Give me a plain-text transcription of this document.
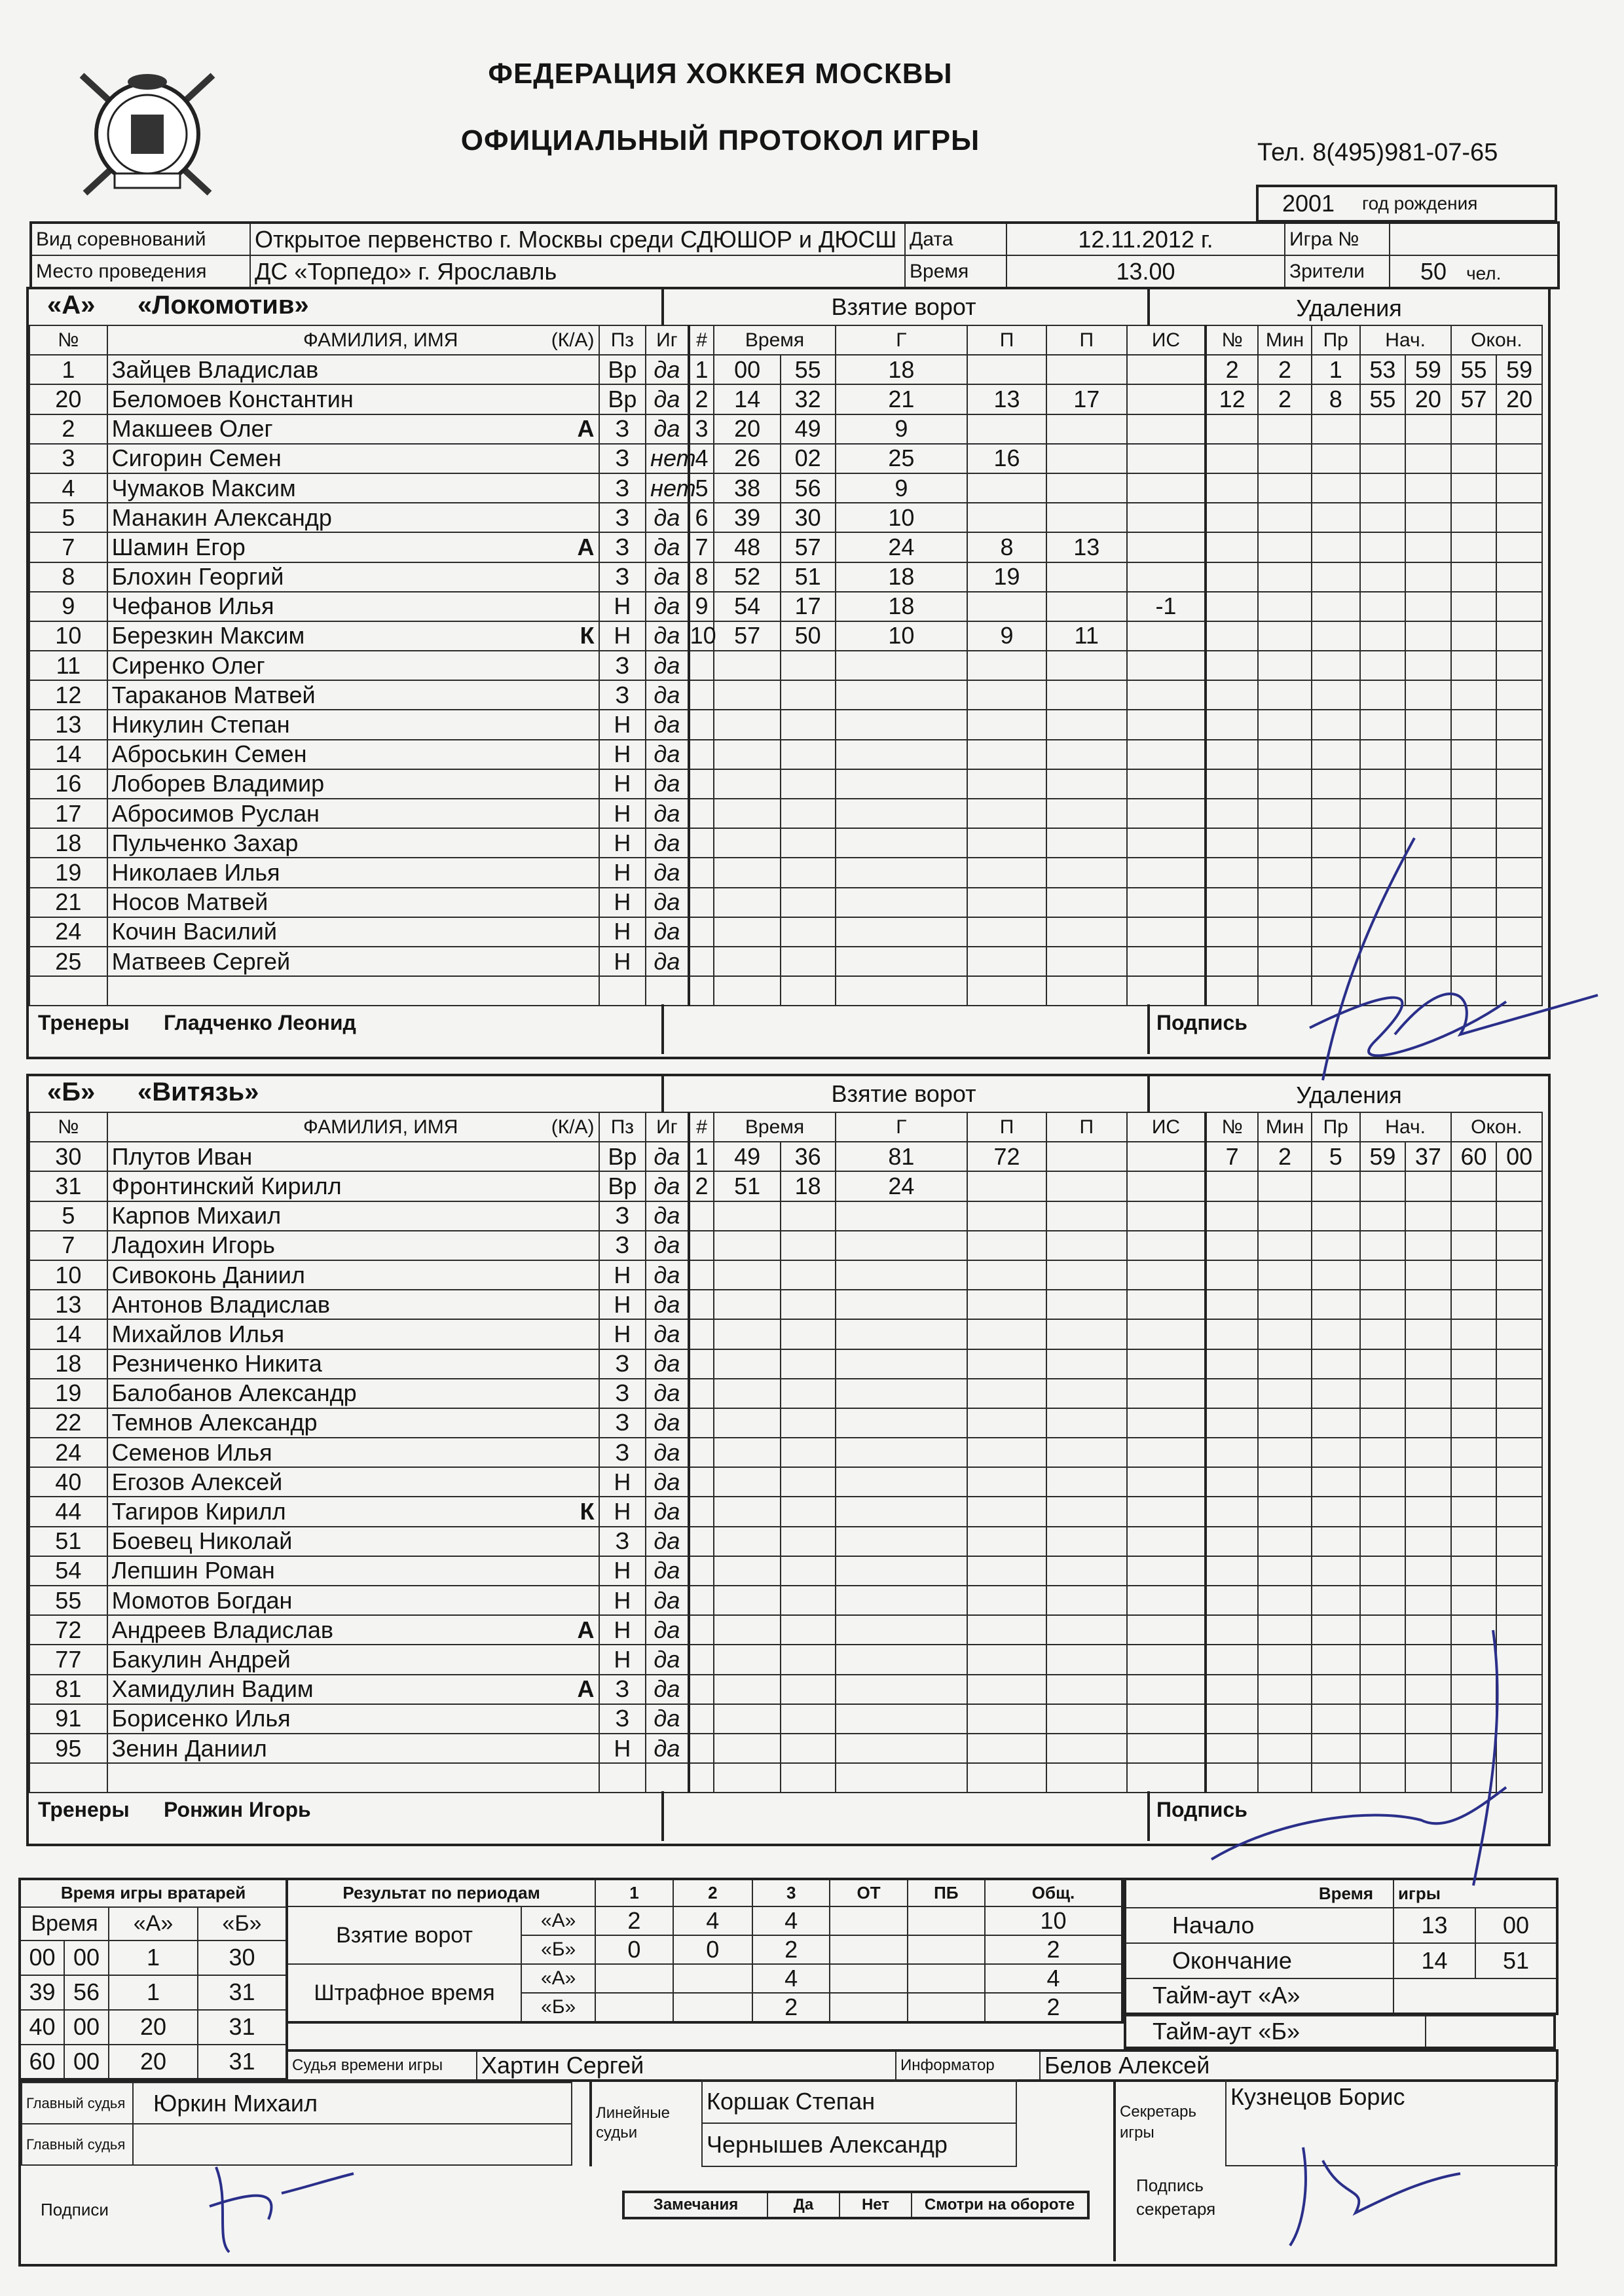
ФЕДЕРАЦИЯ ХОККЕЯ МОСКВЫ
ОФИЦИАЛЬНЫЙ ПРОТОКОЛ ИГРЫ	Тел. 8(495)981-07-65
2001	год рождения
Вид соревнований	Открытое первенство г. Москвы среди СДЮШОР и ДЮСШ	Дата	12.11.2012 г.	Игра №	
Место проведения	ДС «Торпедо» г. Ярославль	Время	13.00	Зрители	50 чел.
«А» «Локомотив»	Взятие ворот	Удаления
№	ФАМИЛИЯ, ИМЯ (К/А)	Пз	Иг	#	Время		Г	П	П	ИС	№	Мин	Пр	Нач.		Окон.	
1	Зайцев Владислав	Вр	да	1	00	55	18				2	2	1	53	59	55	59
20	Беломоев Константин	Вр	да	2	14	32	21	13	17		12	2	8	55	20	57	20
2	Макшеев Олег А	З	да	3	20	49	9										
3	Сигорин Семен	З	нет	4	26	02	25	16									
4	Чумаков Максим	З	нет	5	38	56	9										
5	Манакин Александр	З	да	6	39	30	10										
7	Шамин Егор А	З	да	7	48	57	24	8	13								
8	Блохин Георгий	З	да	8	52	51	18	19									
9	Чефанов Илья	Н	да	9	54	17	18			-1							
10	Березкин Максим К	Н	да	10	57	50	10	9	11								
11	Сиренко Олег	З	да														
12	Тараканов Матвей	З	да														
13	Никулин Степан	Н	да														
14	Аброськин Семен	Н	да														
16	Лоборев Владимир	Н	да														
17	Абросимов Руслан	Н	да														
18	Пульченко Захар	Н	да														
19	Николаев Илья	Н	да														
21	Носов Матвей	Н	да														
24	Кочин Василий	Н	да														
25	Матвеев Сергей	Н	да														

Тренеры Гладченко Леонид	Подпись
«Б» «Витязь»	Взятие ворот	Удаления
№	ФАМИЛИЯ, ИМЯ (К/А)	Пз	Иг	#	Время		Г	П	П	ИС	№	Мин	Пр	Нач.		Окон.	
30	Плутов Иван	Вр	да	1	49	36	81	72			7	2	5	59	37	60	00
31	Фронтинский Кирилл	Вр	да	2	51	18	24										
5	Карпов Михаил	З	да														
7	Ладохин Игорь	З	да														
10	Сивоконь Даниил	Н	да														
13	Антонов Владислав	Н	да														
14	Михайлов Илья	Н	да														
18	Резниченко Никита	З	да														
19	Балобанов Александр	З	да														
22	Темнов Александр	З	да														
24	Семенов Илья	З	да														
40	Егозов Алексей	Н	да														
44	Тагиров Кирилл К	Н	да														
51	Боевец Николай	З	да														
54	Лепшин Роман	Н	да														
55	Момотов Богдан	Н	да														
72	Андреев Владислав А	Н	да														
77	Бакулин Андрей	Н	да														
81	Хамидулин Вадим А	З	да														
91	Борисенко Илья	З	да														
95	Зенин Даниил	Н	да														

Тренеры Ронжин Игорь	Подпись
Время игры вратарей			
Время		«А»	«Б»
00	00	1	30
39	56	1	31
40	00	20	31
60	00	20	31
Результат по периодам		1	2	3	ОТ	ПБ	Общ.
Взятие ворот	«А»	2	4	4			10
	«Б»	0	0	2			2
Штрафное время	«А»			4			4
	«Б»			2			2
Время	игры	
Начало	13	00
Окончание	14	51
Тайм-аут «А»		
Тайм-аут «Б»	
Судья времени игры	Хартин Сергей	Информатор	Белов Алексей
Главный судья	Юркин Михаил
Главный судья	
Линейные судьи	Коршак Степан
Чернышев Александр
Секретарь игры	Кузнецов Борис
Подписи
Подпись секретаря
Замечания	Да	Нет	Смотри на обороте
